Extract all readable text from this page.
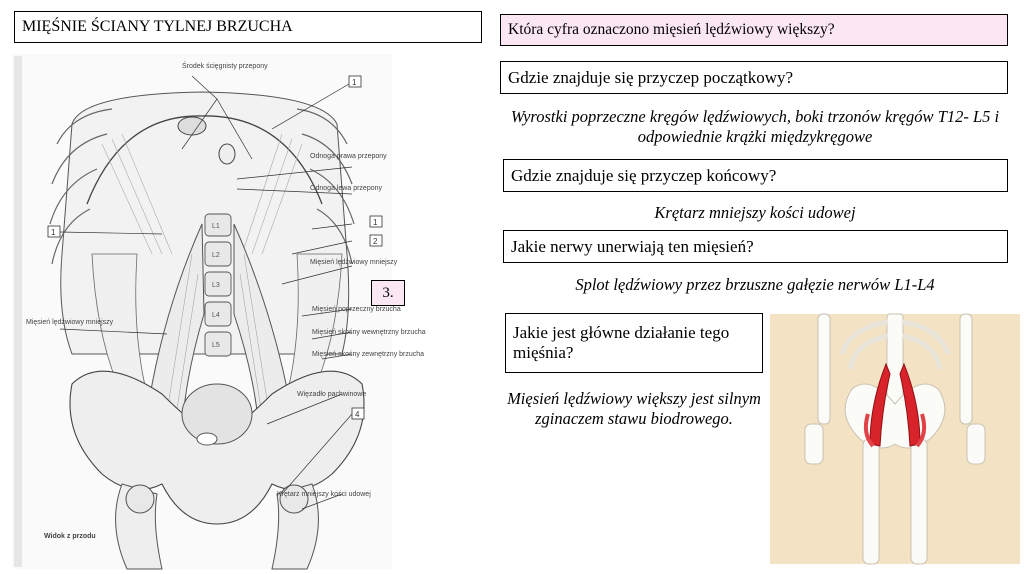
MIĘŚNIE ŚCIANY TYLNEJ BRZUCHA	Która cyfra oznaczono mięsień lędźwiowy większy?
Gdzie znajduje się przyczep początkowy?
Wyrostki poprzeczne kręgów lędźwiowych, boki trzonów kręgów T12- L5 i odpowiednie krążki międzykręgowe
Gdzie znajduje się przyczep końcowy?
Krętarz mniejszy kości udowej
Jakie nerwy unerwiają ten mięsień?
Splot lędźwiowy przez brzuszne gałęzie nerwów L1-L4
Jakie jest główne działanie tego mięśnia?
Mięsień lędźwiowy większy jest silnym zginaczem stawu biodrowego.
L1
L2
L3
L4
L5
1
1
1
2
4
Środek ścięgnisty przepony
Odnoga prawa przepony
Odnoga lewa przepony
Mięsień lędźwiowy mniejszy
Mięsień poprzeczny brzucha
Mięsień skośny wewnętrzny brzucha
Mięsień skośny zewnętrzny brzucha
Więzadło pachwinowe
Mięsień lędźwiowy mniejszy
Krętarz mniejszy kości udowej
Widok z przodu
3.
